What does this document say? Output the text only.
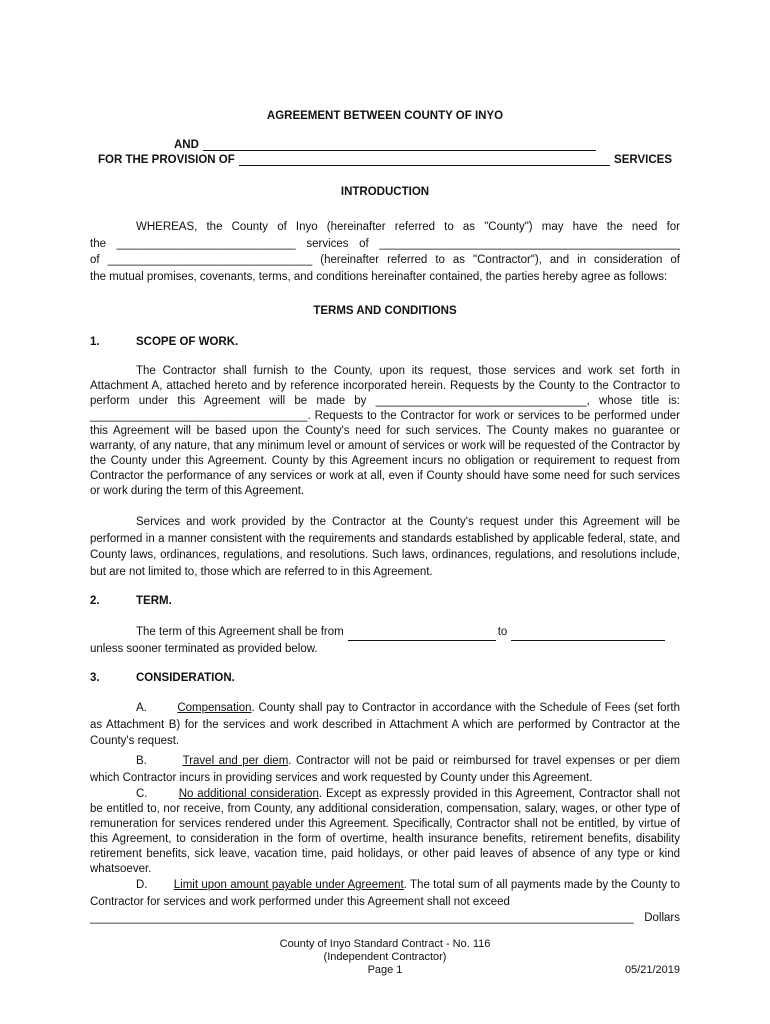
AGREEMENT BETWEEN COUNTY OF INYO
AND
FOR THE PROVISION OF	SERVICES
INTRODUCTION

WHEREAS, the County of Inyo (hereinafter referred to as "County") may have the need for

the ____________________________ services of _______________________________________________

of ________________________________ (hereinafter referred to as "Contractor"), and in consideration of

the mutual promises, covenants, terms, and conditions hereinafter contained, the parties hereby agree as follows:

TERMS AND CONDITIONS
1.	SCOPE OF WORK.

The Contractor shall furnish to the County, upon its request, those services and work set forth in Attachment A, attached hereto and by reference incorporated herein. Requests by the County to the Contractor to perform under this Agreement will be made by _________________________________, whose title is: __________________________________. Requests to the Contractor for work or services to be performed under this Agreement will be based upon the County's need for such services. The County makes no guarantee or warranty, of any nature, that any minimum level or amount of services or work will be requested of the Contractor by the County under this Agreement. County by this Agreement incurs no obligation or requirement to request from Contractor the performance of any services or work at all, even if County should have some need for such services or work during the term of this Agreement.

Services and work provided by the Contractor at the County's request under this Agreement will be performed in a manner consistent with the requirements and standards established by applicable federal, state, and County laws, ordinances, regulations, and resolutions. Such laws, ordinances, regulations, and resolutions include, but are not limited to, those which are referred to in this Agreement.
2.	TERM.
The term of this Agreement shall be from	to

unless sooner terminated as provided below.

3.	CONSIDERATION.

A.	Compensation. County shall pay to Contractor in accordance with the Schedule of Fees (set forth as Attachment B) for the services and work described in Attachment A which are performed by Contractor at the County's request.

B.	Travel and per diem. Contractor will not be paid or reimbursed for travel expenses or per diem which Contractor incurs in providing services and work requested by County under this Agreement.

C.	No additional consideration. Except as expressly provided in this Agreement, Contractor shall not be entitled to, nor receive, from County, any additional consideration, compensation, salary, wages, or other type of remuneration for services rendered under this Agreement. Specifically, Contractor shall not be entitled, by virtue of this Agreement, to consideration in the form of overtime, health insurance benefits, retirement benefits, disability retirement benefits, sick leave, vacation time, paid holidays, or other paid leaves of absence of any type or kind whatsoever.

D. Limit upon amount payable under Agreement. The total sum of all payments made by the County to Contractor for services and work performed under this Agreement shall not exceed

_____________________________________________________________________________________ Dollars

County of Inyo Standard Contract - No. 116
(Independent Contractor)
Page 1	05/21/2019
